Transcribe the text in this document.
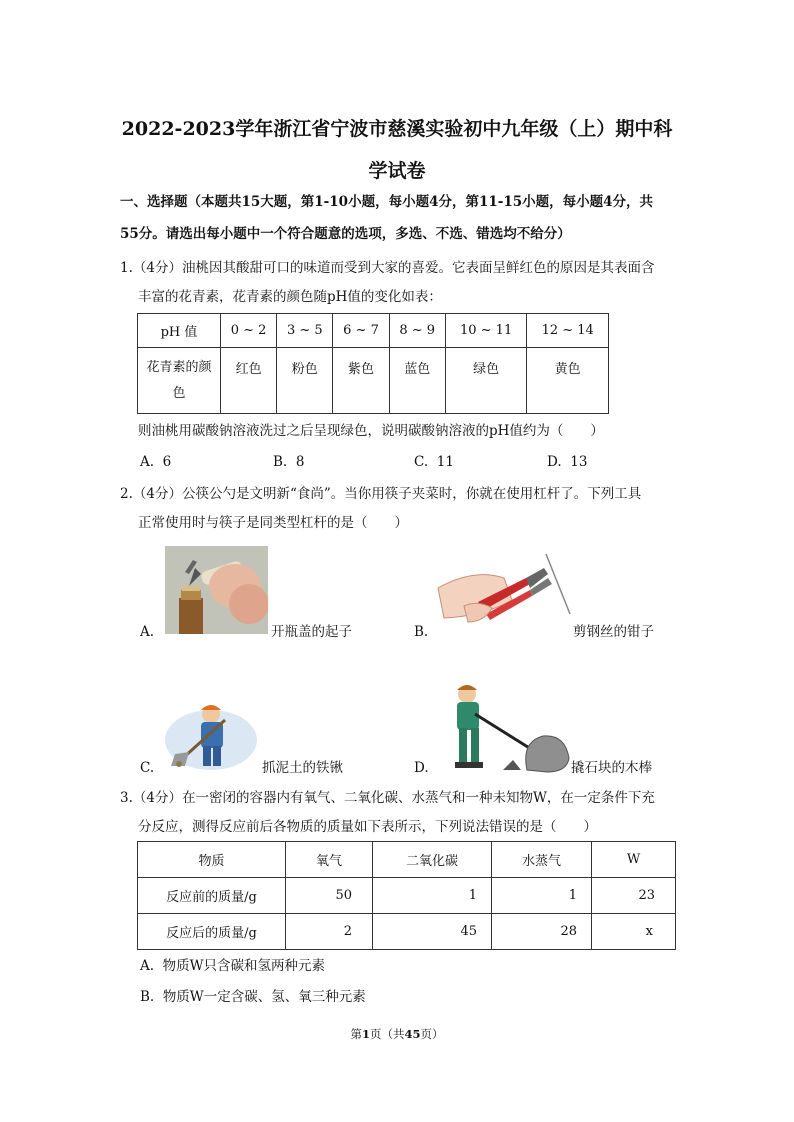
2022-2023学年浙江省宁波市慈溪实验初中九年级（上）期中科
学试卷
一、选择题（本题共15大题，第1-10小题，每小题4分，第11-15小题，每小题4分，共
55分。请选出每小题中一个符合题意的选项，多选、不选、错选均不给分）
1.（4分）油桃因其酸甜可口的味道而受到大家的喜爱。它表面呈鲜红色的原因是其表面含
丰富的花青素，花青素的颜色随pH值的变化如表：
pH 值	0 ~ 2	3 ~ 5	6 ~ 7	8 ~ 9	10 ~ 11	12 ~ 14
花青素的颜
色	红色	粉色	紫色	蓝色	绿色	黄色
则油桃用碳酸钠溶液洗过之后呈现绿色，说明碳酸钠溶液的pH值约为（　　）
A. 6	B. 8	C. 11	D. 13
2.（4分）公筷公勺是文明新“食尚”。当你用筷子夹菜时，你就在使用杠杆了。下列工具
正常使用时与筷子是同类型杠杆的是（　　）
A.	开瓶盖的起子	B.	剪钢丝的钳子
C.	抓泥土的铁锹	D.	撬石块的木棒
3.（4分）在一密闭的容器内有氧气、二氧化碳、水蒸气和一种未知物W，在一定条件下充
分反应，测得反应前后各物质的质量如下表所示，下列说法错误的是（　　）
物质	氧气	二氧化碳	水蒸气	W
反应前的质量/g	50	1	1	23
反应后的质量/g	2	45	28	x
A. 物质W只含碳和氢两种元素
B. 物质W一定含碳、氢、氧三种元素
第1页（共45页）
